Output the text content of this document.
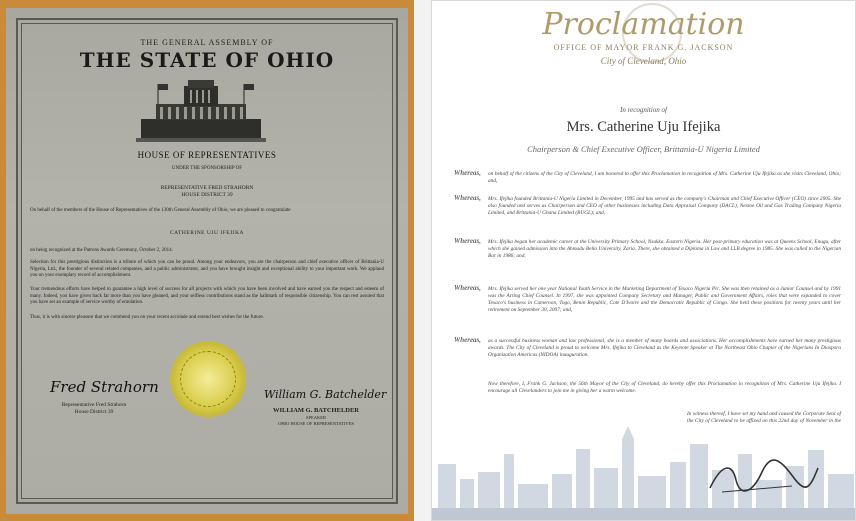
THE GENERAL ASSEMBLY OF
THE STATE OF OHIO
HOUSE OF REPRESENTATIVES
UNDER THE SPONSORSHIP OF
REPRESENTATIVE FRED STRAHORN
HOUSE DISTRICT 39
On behalf of the members of the House of Representatives of the 130th General Assembly of Ohio, we are pleased to congratulate
CATHERINE UJU IFEJIKA
on being recognized at the Patrons Awards Ceremony, October 2, 2014.
Selection for this prestigious distinction is a tribute of which you can be proud. Among your endeavors, you are the chairperson and chief executive officer of Brittania-U Nigeria, Ltd., the founder of several related companies, and a public administrator, and you have brought insight and exceptional ability to your important work. We applaud you on your exemplary record of accomplishment.
Your tremendous efforts have helped to guarantee a high level of success for all projects with which you have been involved and have earned you the respect and esteem of many. Indeed, you have given back far more than you have gleaned, and your selfless contributions stand as the hallmark of responsible citizenship. You can rest assured that you have set an example of service worthy of emulation.
Thus, it is with sincere pleasure that we commend you on your recent accolade and extend best wishes for the future.
Fred Strahorn
Representative Fred Strahorn
House District 39
William G. Batchelder
WILLIAM G. BATCHELDER
SPEAKER
OHIO HOUSE OF REPRESENTATIVES
Proclamation
OFFICE OF MAYOR FRANK G. JACKSON
City of Cleveland, Ohio
In recognition of
Mrs. Catherine Uju Ifejika
Chairperson & Chief Executive Officer, Brittania-U Nigeria Limited
Whereas, on behalf of the citizens of the City of Cleveland, I am honored to offer this Proclamation in recognition of Mrs. Catherine Uju Ifejika as she visits Cleveland, Ohio; and,
Whereas, Mrs. Ifejika founded Brittania-U Nigeria Limited in December, 1995 and has served as the company's Chairman and Chief Executive Officer (CEO) since 2005. She also founded and serves as Chairperson and CEO of other businesses including Data Appraisal Company (DACL), Nextoe Oil and Gas Trading Company Nigeria Limited, and Brittania-U Ghana Limited (BUGL); and,
Whereas, Mrs. Ifejika began her academic career at the University Primary School, Nsukka, Eastern Nigeria. Her post-primary education was at Queens School, Enugu, after which she gained admission into the Ahmadu Bello University, Zaria. There, she obtained a Diploma in Law and LLB degree in 1985. She was called to the Nigerian Bar in 1986; and,
Whereas, Mrs. Ifejika served her one year National Youth Service in the Marketing Department of Texaco Nigeria Plc. She was then retained as a Junior Counsel and by 1991 was the Acting Chief Counsel. In 1997, she was appointed Company Secretary and Manager, Public and Government Affairs, roles that were expanded to cover Texaco's business in Cameroon, Togo, Benin Republic, Cote D'Ivoire and the Democratic Republic of Congo. She held these positions for twenty years until her retirement on September 30, 2007; and,
Whereas, as a successful business woman and law professional, she is a member of many boards and associations. Her accomplishments have earned her many prestigious awards. The City of Cleveland is proud to welcome Mrs. Ifejika to Cleveland as the Keynote Speaker at The Northeast Ohio Chapter of the Nigerians In Diaspora Organization Americas (NIDOA) inauguration.
Now therefore, I, Frank G. Jackson, the 56th Mayor of the City of Cleveland, do hereby offer this Proclamation in recognition of Mrs. Catherine Uju Ifejika. I encourage all Clevelanders to join me in giving her a warm welcome.
In witness thereof, I have set my hand and caused the Corporate Seal of the City of Cleveland to be affixed on this 22nd day of November in the
